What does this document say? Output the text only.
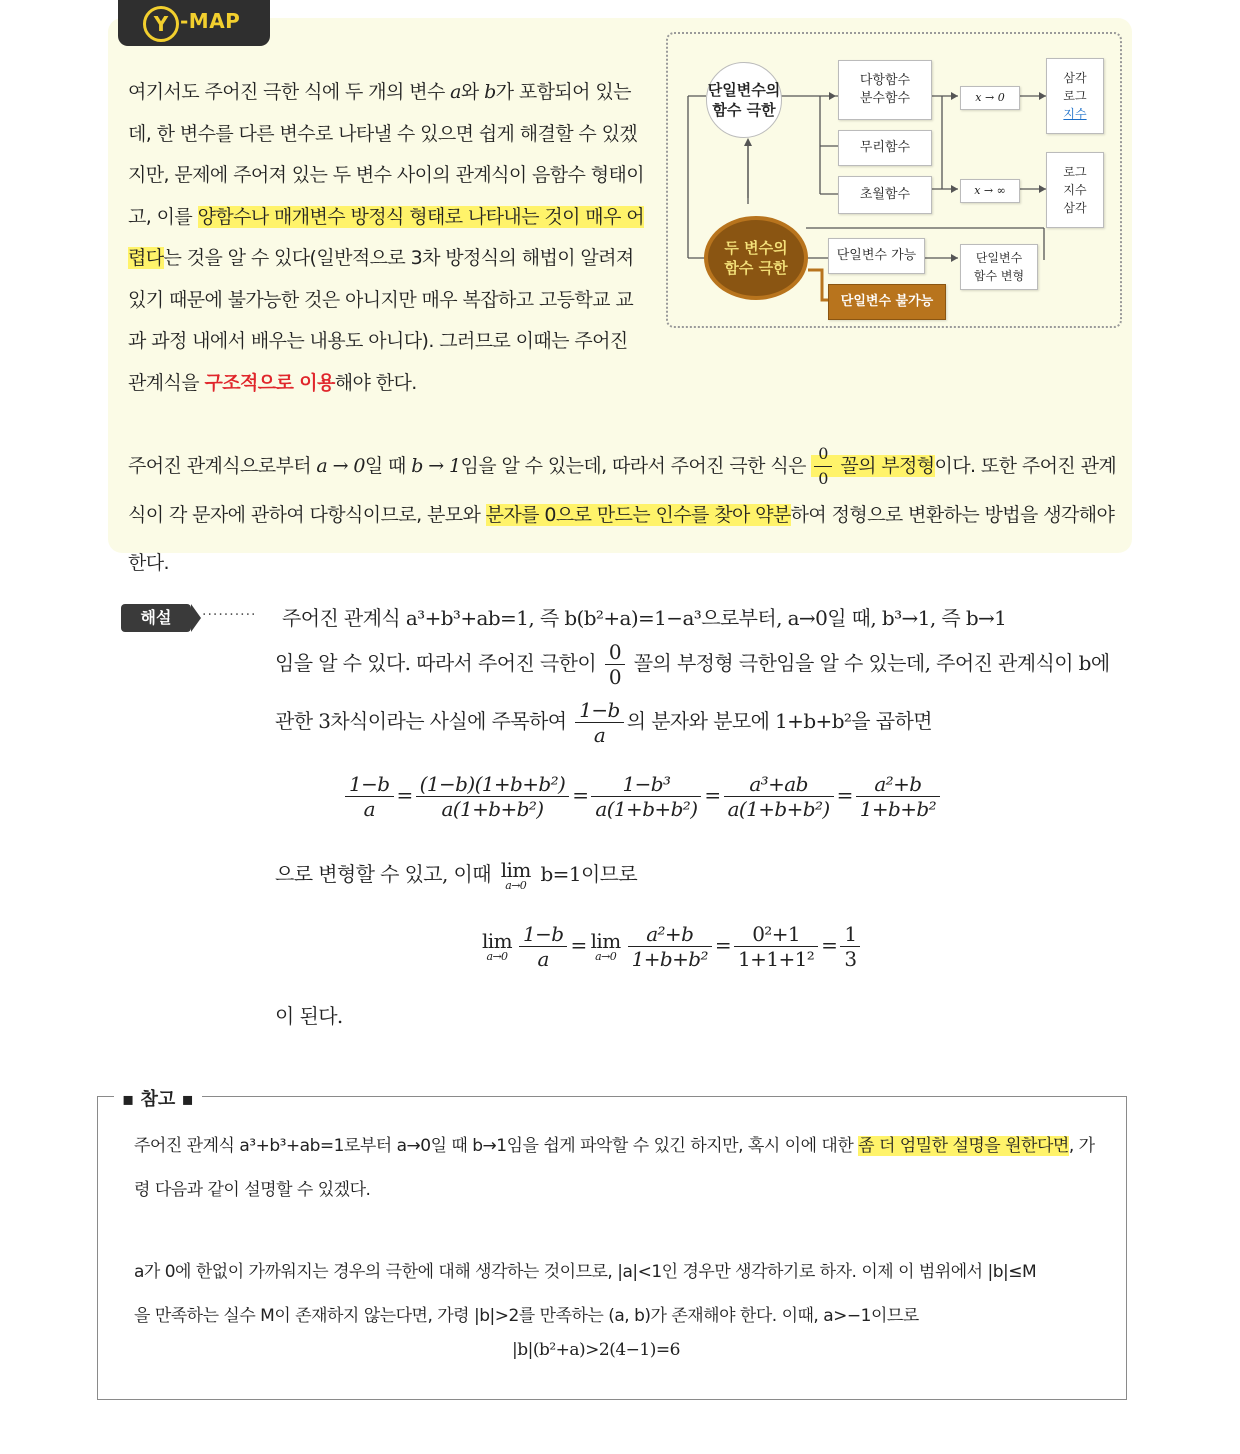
Y -MAP
여기서도 주어진 극한 식에 두 개의 변수 a와 b가 포함되어 있는 데, 한 변수를 다른 변수로 나타낼 수 있으면 쉽게 해결할 수 있겠지만, 문제에 주어져 있는 두 변수 사이의 관계식이 음함수 형태이고, 이를 양함수나 매개변수 방정식 형태로 나타내는 것이 매우 어렵다는 것을 알 수 있다(일반적으로 3차 방정식의 해법이 알려져 있기 때문에 불가능한 것은 아니지만 매우 복잡하고 고등학교 교과 과정 내에서 배우는 내용도 아니다). 그러므로 이때는 주어진 관계식을 구조적으로 이용해야 한다.
주어진 관계식으로부터 a → 0일 때 b → 1임을 알 수 있는데, 따라서 주어진 극한 식은 $\frac{0}{0}$ 꼴의 부정형이다. 또한 주어진 관계식이 각 문자에 관하여 다항식이므로, 분모와 분자를 0으로 만드는 인수를 찾아 약분하여 정형으로 변환하는 방법을 생각해야 한다.
단일변수의
함수 극한
두 변수의
함수 극한
다항함수
분수함수
무리함수
초월함수
x → 0
x → ∞
삼각
로그
지수
로그
지수
삼각
단일변수 가능	단일변수
함수 변형
단일변수 불가능
해설	·········· 주어진 관계식 a³+b³+ab=1, 즉 b(b²+a)=1−a³으로부터, a→0일 때, b³→1, 즉 b→1
임을 알 수 있다. 따라서 주어진 극한이 $\frac{0}{0}$ 꼴의 부정형 극한임을 알 수 있는데, 주어진 관계식이 b에
관한 3차식이라는 사실에 주목하여 $\frac{1-b}{a}$ 의 분자와 분모에 1+b+b²을 곱하면
$\frac{1-b}{a} = \frac{\text{(1−b)(1+b+b²)}}{\text{a(1+b+b²)}} = \frac{\text{1−b³}}{\text{a(1+b+b²)}} = \frac{\text{a³+ab}}{\text{a(1+b+b²)}} = \frac{\text{a²+b}}{\text{1+b+b²}}$
으로 변형할 수 있고, 이때 lim
a→0 b=1이므로
lim
$a\to 0 \frac{1-b}{a} = \lim$
$a\to 0 \frac{\text{a²+b}}{\text{1+b+b²}} = \frac{\text{0²+1}}{\text{1+1+1²}} = \frac{1}{3}$
이 된다.
▪ 참고 ▪
주어진 관계식 a³+b³+ab=1로부터 a→0일 때 b→1임을 쉽게 파악할 수 있긴 하지만, 혹시 이에 대한 좀 더 엄밀한 설명을 원한다면, 가령 다음과 같이 설명할 수 있겠다.
a가 0에 한없이 가까워지는 경우의 극한에 대해 생각하는 것이므로, |a|<1인 경우만 생각하기로 하자. 이제 이 범위에서 |b|≤M
을 만족하는 실수 M이 존재하지 않는다면, 가령 |b|>2를 만족하는 (a, b)가 존재해야 한다. 이때, a>−1이므로
|b|(b²+a)>2(4−1)=6
